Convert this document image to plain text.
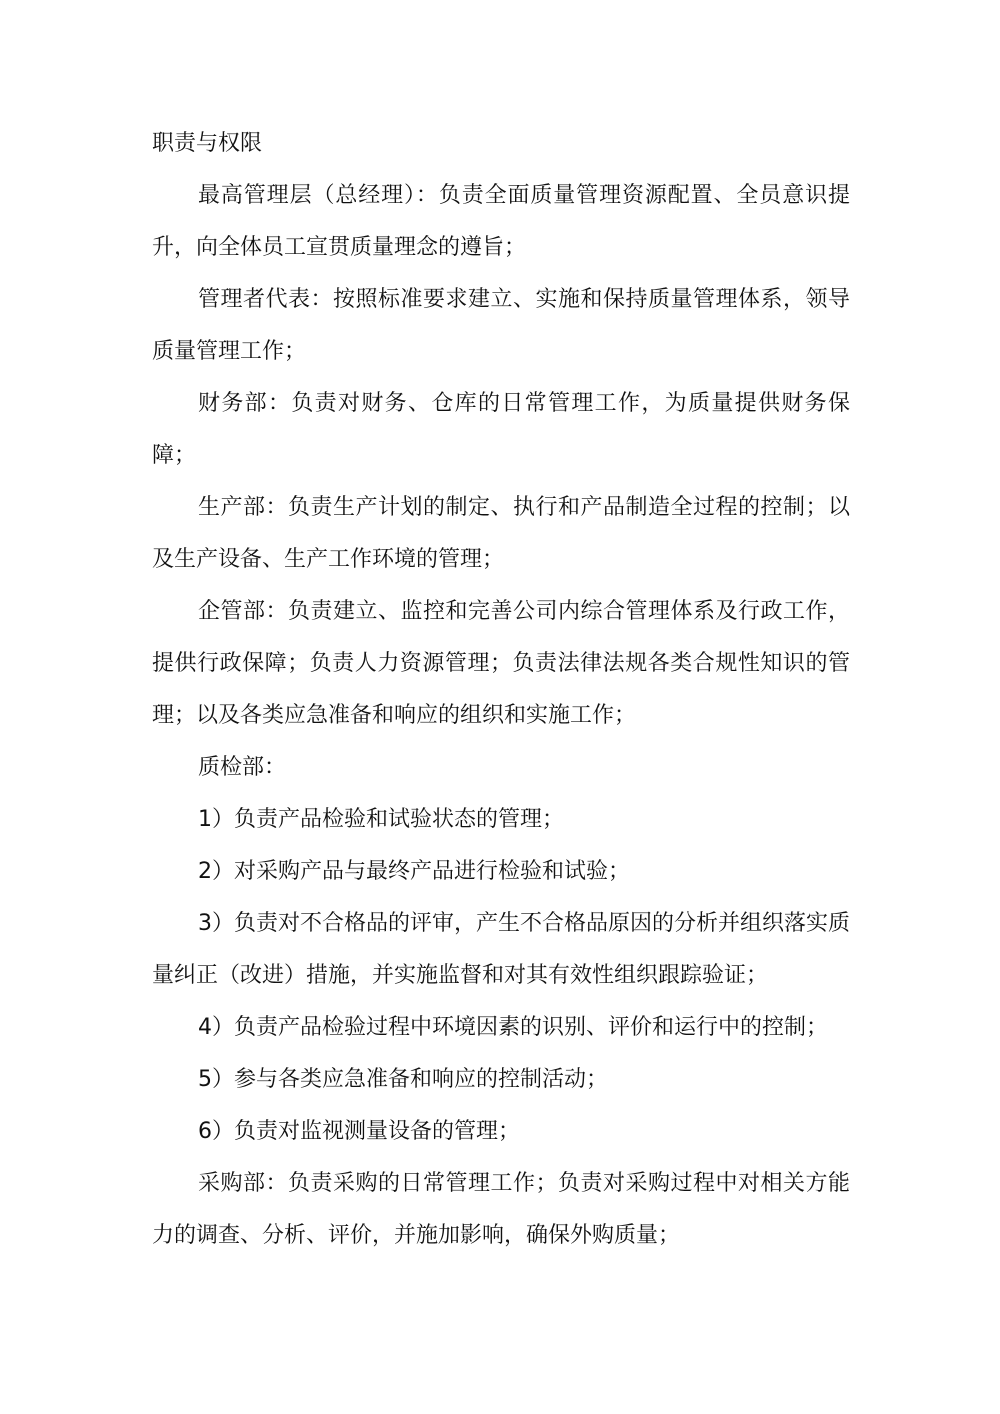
职责与权限

最高管理层（总经理）：负责全面质量管理资源配置、全员意识提升，向全体员工宣贯质量理念的遵旨；

管理者代表：按照标准要求建立、实施和保持质量管理体系，领导质量管理工作；

财务部：负责对财务、仓库的日常管理工作，为质量提供财务保障；

生产部：负责生产计划的制定、执行和产品制造全过程的控制；以及生产设备、生产工作环境的管理；

企管部：负责建立、监控和完善公司内综合管理体系及行政工作，提供行政保障；负责人力资源管理；负责法律法规各类合规性知识的管理；以及各类应急准备和响应的组织和实施工作；

质检部：

1）负责产品检验和试验状态的管理；

2）对采购产品与最终产品进行检验和试验；

3）负责对不合格品的评审，产生不合格品原因的分析并组织落实质量纠正（改进）措施，并实施监督和对其有效性组织跟踪验证；

4）负责产品检验过程中环境因素的识别、评价和运行中的控制；

5）参与各类应急准备和响应的控制活动；

6）负责对监视测量设备的管理；

采购部：负责采购的日常管理工作；负责对采购过程中对相关方能力的调查、分析、评价，并施加影响，确保外购质量；
